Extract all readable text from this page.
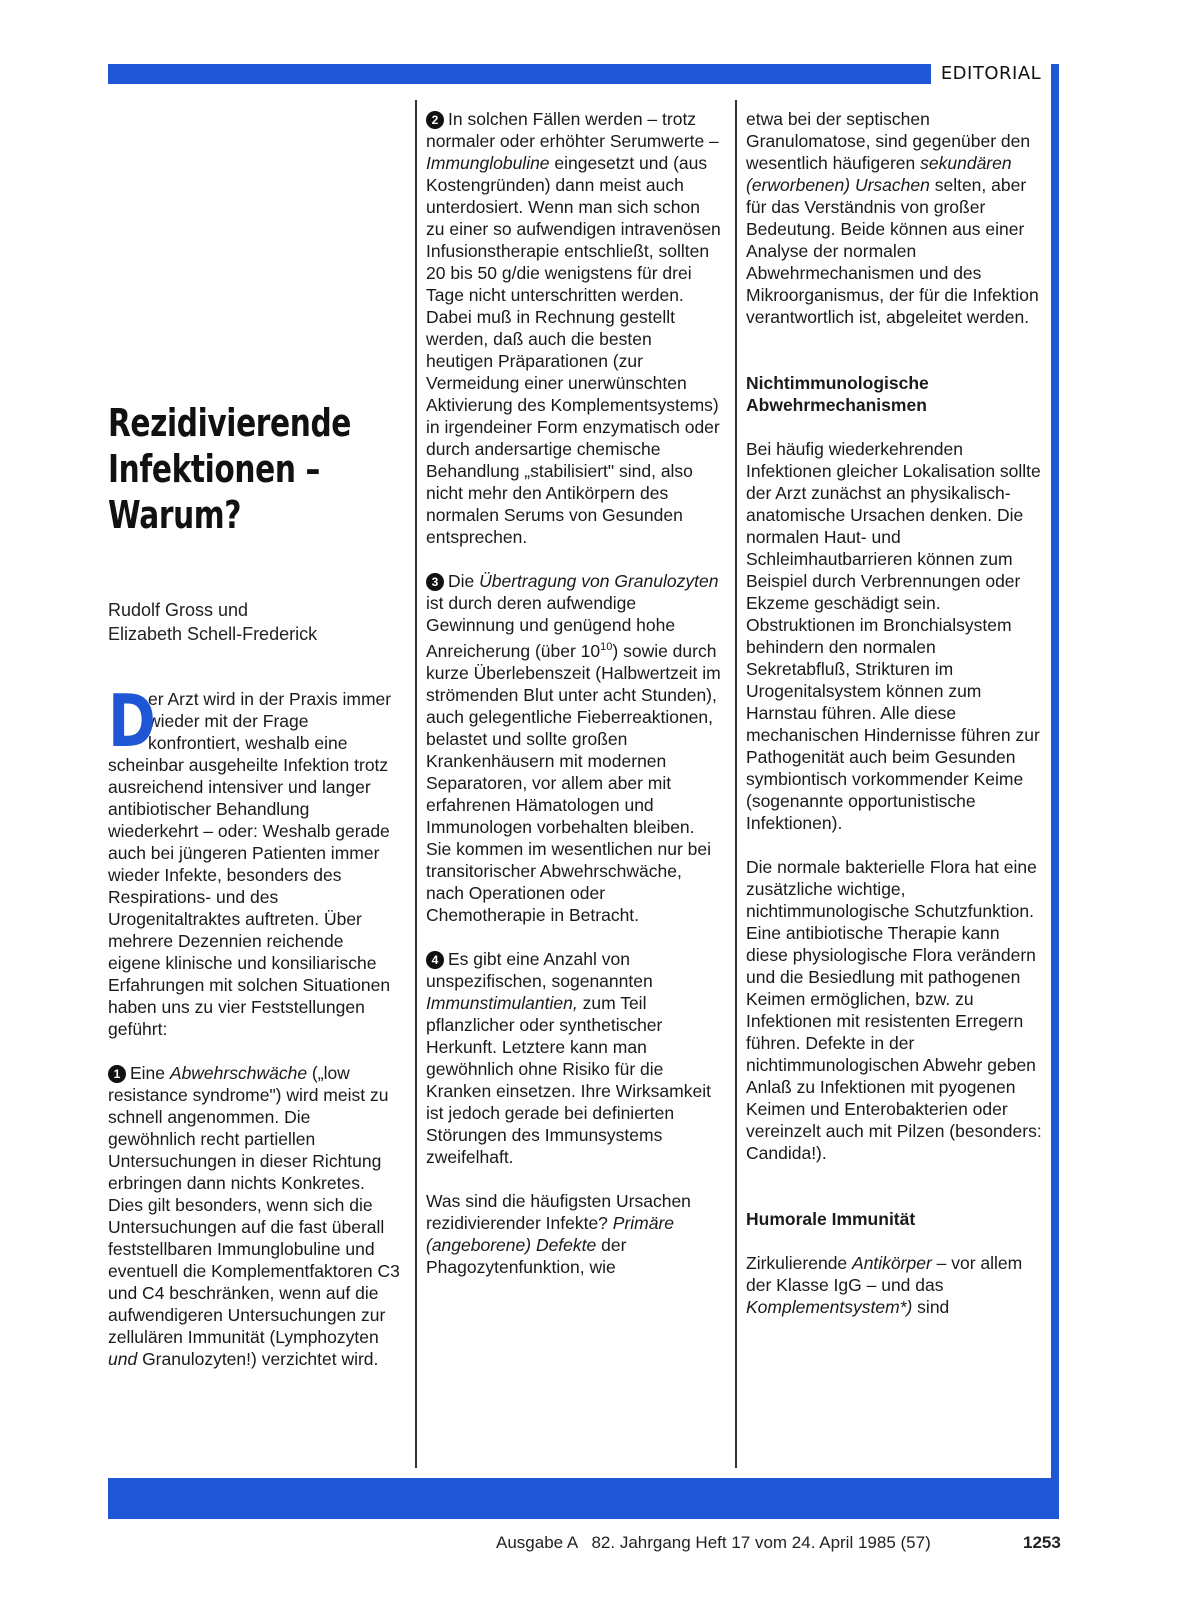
EDITORIAL
Rezidivierende
Infektionen –
Warum?
Rudolf Gross und
Elizabeth Schell-Frederick

D
er Arzt wird in der Praxis immer wieder mit der Frage konfrontiert, weshalb eine scheinbar ausgeheilte Infektion trotz ausreichend intensiver und langer antibiotischer Behandlung wiederkehrt – oder: Weshalb gerade auch bei jüngeren Patienten immer wieder Infekte, besonders des Respirations- und des Urogenitaltraktes auftreten. Über mehrere Dezennien reichende eigene klinische und konsiliarische Erfahrungen mit solchen Situationen haben uns zu vier Feststellungen geführt:

1 Eine Abwehrschwäche („low resistance syndrome") wird meist zu schnell angenommen. Die gewöhnlich recht partiellen Untersuchungen in dieser Richtung erbringen dann nichts Konkretes. Dies gilt besonders, wenn sich die Untersuchungen auf die fast überall feststellbaren Immunglobuline und eventuell die Komplementfaktoren C3 und C4 beschränken, wenn auf die aufwendigeren Untersuchungen zur zellulären Immunität (Lymphozyten und Granulozyten!) verzichtet wird.

2 In solchen Fällen werden – trotz normaler oder erhöhter Serumwerte – Immunglobuline eingesetzt und (aus Kostengründen) dann meist auch unterdosiert. Wenn man sich schon zu einer so aufwendigen intravenösen Infusionstherapie entschließt, sollten 20 bis 50 g/die wenigstens für drei Tage nicht unterschritten werden. Dabei muß in Rechnung gestellt werden, daß auch die besten heutigen Präparationen (zur Vermeidung einer unerwünschten Aktivierung des Komplementsystems) in irgendeiner Form enzymatisch oder durch andersartige chemische Behandlung „stabilisiert" sind, also nicht mehr den Antikörpern des normalen Serums von Gesunden entsprechen.

3 Die Übertragung von Granulozyten ist durch deren aufwendige Gewinnung und genügend hohe Anreicherung (über $10^{10}$) sowie durch kurze Überlebenszeit (Halbwertzeit im strömenden Blut unter acht Stunden), auch gelegentliche Fieberreaktionen, belastet und sollte großen Krankenhäusern mit modernen Separatoren, vor allem aber mit erfahrenen Hämatologen und Immunologen vorbehalten bleiben. Sie kommen im wesentlichen nur bei transitorischer Abwehrschwäche, nach Operationen oder Chemotherapie in Betracht.

4 Es gibt eine Anzahl von unspezifischen, sogenannten Immunstimulantien, zum Teil pflanzlicher oder synthetischer Herkunft. Letztere kann man gewöhnlich ohne Risiko für die Kranken einsetzen. Ihre Wirksamkeit ist jedoch gerade bei definierten Störungen des Immunsystems zweifelhaft.

Was sind die häufigsten Ursachen rezidivierender Infekte? Primäre (angeborene) Defekte der Phagozytenfunktion, wie

etwa bei der septischen Granulomatose, sind gegenüber den wesentlich häufigeren sekundären (erworbenen) Ursachen selten, aber für das Verständnis von großer Bedeutung. Beide können aus einer Analyse der normalen Abwehrmechanismen und des Mikroorganismus, der für die Infektion verantwortlich ist, abgeleitet werden.

Nichtimmunologische Abwehrmechanismen

Bei häufig wiederkehrenden Infektionen gleicher Lokalisation sollte der Arzt zunächst an physikalisch-anatomische Ursachen denken. Die normalen Haut- und Schleimhautbarrieren können zum Beispiel durch Verbrennungen oder Ekzeme geschädigt sein. Obstruktionen im Bronchialsystem behindern den normalen Sekretabfluß, Strikturen im Urogenitalsystem können zum Harnstau führen. Alle diese mechanischen Hindernisse führen zur Pathogenität auch beim Gesunden symbiontisch vorkommender Keime (sogenannte opportunistische Infektionen).

Die normale bakterielle Flora hat eine zusätzliche wichtige, nichtimmunologische Schutzfunktion. Eine antibiotische Therapie kann diese physiologische Flora verändern und die Besiedlung mit pathogenen Keimen ermöglichen, bzw. zu Infektionen mit resistenten Erregern führen. Defekte in der nichtimmunologischen Abwehr geben Anlaß zu Infektionen mit pyogenen Keimen und Enterobakterien oder vereinzelt auch mit Pilzen (besonders: Candida!).

Humorale Immunität

Zirkulierende Antikörper – vor allem der Klasse IgG – und das Komplementsystem*) sind

Ausgabe A   82. Jahrgang Heft 17 vom 24. April 1985 (57)	1253
